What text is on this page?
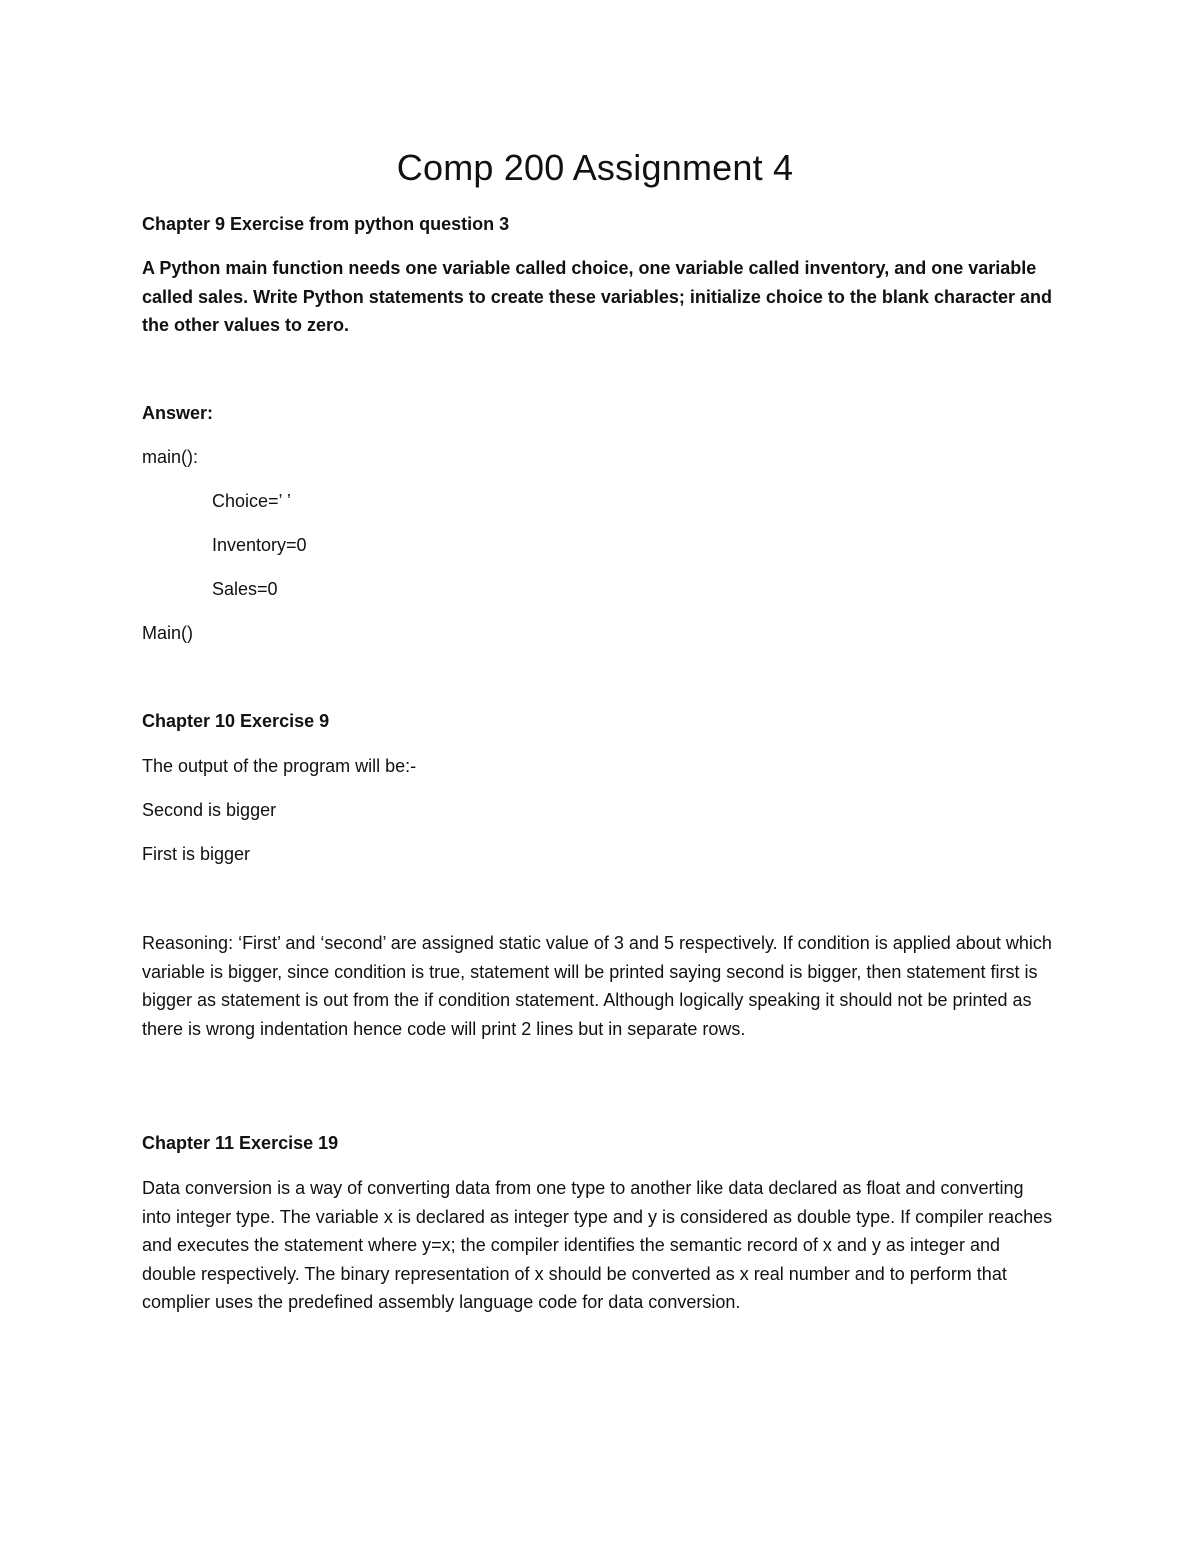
Comp 200 Assignment 4
Chapter 9 Exercise from python question 3
A Python main function needs one variable called choice, one variable called inventory, and one variable called sales. Write Python statements to create these variables; initialize choice to the blank character and the other values to zero.
Answer:
main():
Choice=’ ’
Inventory=0
Sales=0
Main()
Chapter 10 Exercise 9
The output of the program will be:-
Second is bigger
First is bigger
Reasoning: ‘First’ and ‘second’ are assigned static value of 3 and 5 respectively. If condition is applied about which variable is bigger, since condition is true, statement will be printed saying second is bigger, then statement first is bigger as statement is out from the if condition statement. Although logically speaking it should not be printed as there is wrong indentation hence code will print 2 lines but in separate rows.
Chapter 11 Exercise 19
Data conversion is a way of converting data from one type to another like data declared as float and converting into integer type. The variable x is declared as integer type and y is considered as double type. If compiler reaches and executes the statement where y=x; the compiler identifies the semantic record of x and y as integer and double respectively. The binary representation of x should be converted as x real number and to perform that complier uses the predefined assembly language code for data conversion.
